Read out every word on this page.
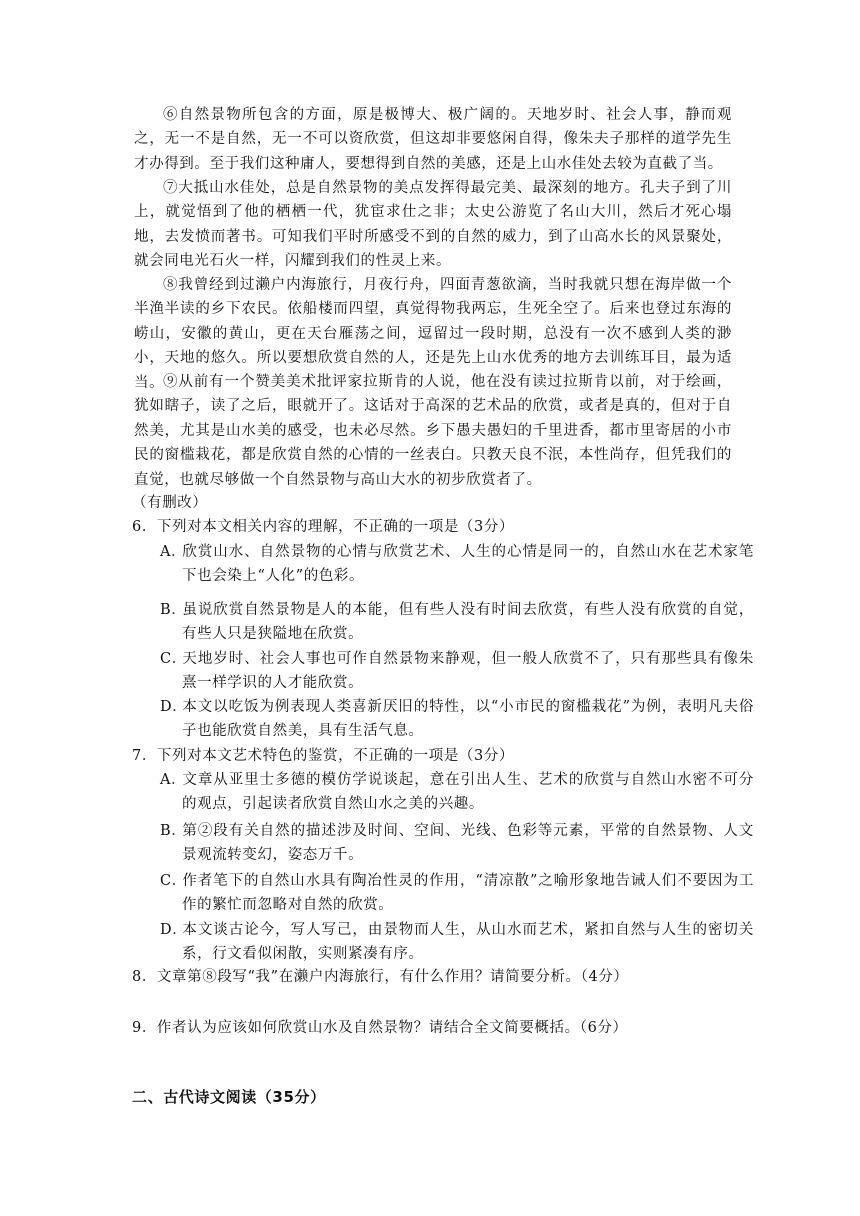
⑥自然景物所包含的方面，原是极博大、极广阔的。天地岁时、社会人事，静而观之，无一不是自然，无一不可以资欣赏，但这却非要悠闲自得，像朱夫子那样的道学先生才办得到。至于我们这种庸人，要想得到自然的美感，还是上山水佳处去较为直截了当。

⑦大抵山水佳处，总是自然景物的美点发挥得最完美、最深刻的地方。孔夫子到了川上，就觉悟到了他的栖栖一代，犹宦求仕之非；太史公游览了名山大川，然后才死心塌地，去发愤而著书。可知我们平时所感受不到的自然的威力，到了山高水长的风景聚处，就会同电光石火一样，闪耀到我们的性灵上来。

⑧我曾经到过濑户内海旅行，月夜行舟，四面青葱欲滴，当时我就只想在海岸做一个半渔半读的乡下农民。依船楼而四望，真觉得物我两忘，生死全空了。后来也登过东海的崂山，安徽的黄山，更在天台雁荡之间，逗留过一段时期，总没有一次不感到人类的渺小，天地的悠久。所以要想欣赏自然的人，还是先上山水优秀的地方去训练耳目，最为适当。

⑨从前有一个赞美美术批评家拉斯肯的人说，他在没有读过拉斯肯以前，对于绘画，犹如瞎子，读了之后，眼就开了。这话对于高深的艺术品的欣赏，或者是真的，但对于自然美，尤其是山水美的感受，也未必尽然。乡下愚夫愚妇的千里进香，都市里寄居的小市民的窗槛栽花，都是欣赏自然的心情的一丝表白。只教天良不泯，本性尚存，但凭我们的直觉，也就尽够做一个自然景物与高山大水的初步欣赏者了。

（有删改）

6．下列对本文相关内容的理解，不正确的一项是（3分）

A．欣赏山水、自然景物的心情与欣赏艺术、人生的心情是同一的，自然山水在艺术家笔下也会染上“人化”的色彩。

B．虽说欣赏自然景物是人的本能，但有些人没有时间去欣赏，有些人没有欣赏的自觉，有些人只是狭隘地在欣赏。

C．天地岁时、社会人事也可作自然景物来静观，但一般人欣赏不了，只有那些具有像朱熹一样学识的人才能欣赏。

D．本文以吃饭为例表现人类喜新厌旧的特性，以“小市民的窗槛栽花”为例，表明凡夫俗子也能欣赏自然美，具有生活气息。

7．下列对本文艺术特色的鉴赏，不正确的一项是（3分）

A．文章从亚里士多德的模仿学说谈起，意在引出人生、艺术的欣赏与自然山水密不可分的观点，引起读者欣赏自然山水之美的兴趣。

B．第②段有关自然的描述涉及时间、空间、光线、色彩等元素，平常的自然景物、人文景观流转变幻，姿态万千。

C．作者笔下的自然山水具有陶冶性灵的作用，“清凉散”之喻形象地告诫人们不要因为工作的繁忙而忽略对自然的欣赏。

D．本文谈古论今，写人写己，由景物而人生，从山水而艺术，紧扣自然与人生的密切关系，行文看似闲散，实则紧凑有序。

8．文章第⑧段写“我”在濑户内海旅行，有什么作用？请简要分析。（4分）

9．作者认为应该如何欣赏山水及自然景物？请结合全文简要概括。（6分）

二、古代诗文阅读（35分）
